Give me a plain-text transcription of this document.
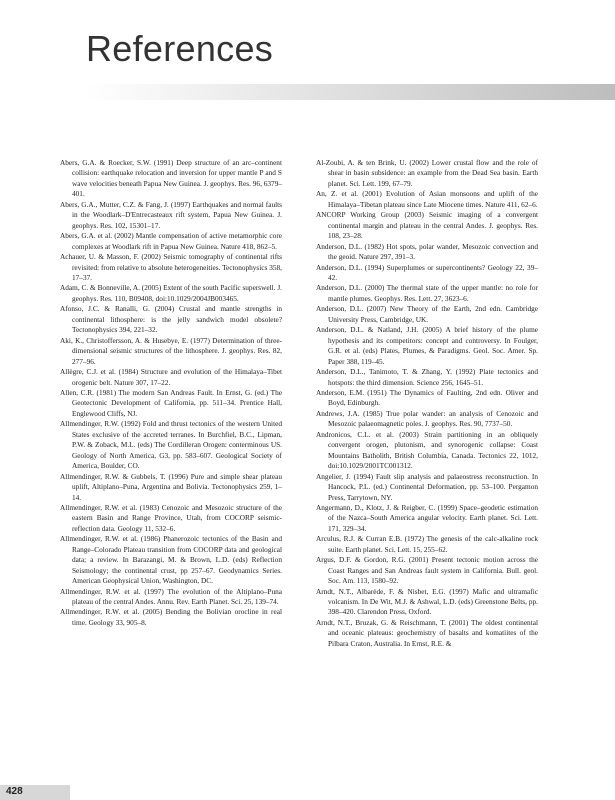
References

Abers, G.A. & Roecker, S.W. (1991) Deep structure of an arc–continent collision: earthquake relocation and inversion for upper mantle P and S wave velocities beneath Papua New Guinea. J. geophys. Res. 96, 6379–401.

Abers, G.A., Mutter, C.Z. & Fang, J. (1997) Earthquakes and normal faults in the Woodlark–D'Entrecasteaux rift system, Papua New Guinea. J. geophys. Res. 102, 15301–17.

Abers, G.A. et al. (2002) Mantle compensation of active metamorphic core complexes at Woodlark rift in Papua New Guinea. Nature 418, 862–5.

Achauer, U. & Masson, F. (2002) Seismic tomography of continental rifts revisited: from relative to absolute heterogeneities. Tectonophysics 358, 17–37.

Adam, C. & Bonneville, A. (2005) Extent of the south Pacific superswell. J. geophys. Res. 110, B09408, doi:10.1029/2004JB003465.

Afonso, J.C. & Ranalli, G. (2004) Crustal and mantle strengths in continental lithosphere: is the jelly sandwich model obsolete? Tectonophysics 394, 221–32.

Aki, K., Christoffersson, A. & Husebye, E. (1977) Determination of three-dimensional seismic structures of the lithosphere. J. geophys. Res. 82, 277–96.

Allègre, C.J. et al. (1984) Structure and evolution of the Himalaya–Tibet orogenic belt. Nature 307, 17–22.

Allen, C.R. (1981) The modern San Andreas Fault. In Ernst, G. (ed.) The Geotectonic Development of California, pp. 511–34. Prentice Hall, Englewood Cliffs, NJ.

Allmendinger, R.W. (1992) Fold and thrust tectonics of the western United States exclusive of the accreted terranes. In Burchfiel, B.C., Lipman, P.W. & Zoback, M.L. (eds) The Cordilleran Orogen: conterminous US. Geology of North America, G3, pp. 583–607. Geological Society of America, Boulder, CO.

Allmendinger, R.W. & Gubbels, T. (1996) Pure and simple shear plateau uplift, Altiplano–Puna, Argentina and Bolivia. Tectonophysics 259, 1–14.

Allmendinger, R.W. et al. (1983) Cenozoic and Mesozoic structure of the eastern Basin and Range Province, Utah, from COCORP seismic-reflection data. Geology 11, 532–6.

Allmendinger, R.W. et al. (1986) Phanerozoic tectonics of the Basin and Range–Colorado Plateau transition from COCORP data and geological data; a review. In Barazangi, M. & Brown, L.D. (eds) Reflection Seismology; the continental crust, pp 257–67. Geodynamics Series. American Geophysical Union, Washington, DC.

Allmendinger, R.W. et al. (1997) The evolution of the Altiplano–Puna plateau of the central Andes. Annu. Rev. Earth Planet. Sci. 25, 139–74.

Allmendinger, R.W. et al. (2005) Bending the Bolivian orocline in real time. Geology 33, 905–8.

Al-Zoubi, A. & ten Brink, U. (2002) Lower crustal flow and the role of shear in basin subsidence: an example from the Dead Sea basin. Earth planet. Sci. Lett. 199, 67–79.

An, Z. et al. (2001) Evolution of Asian monsoons and uplift of the Himalaya–Tibetan plateau since Late Miocene times. Nature 411, 62–6.

ANCORP Working Group (2003) Seismic imaging of a convergent continental margin and plateau in the central Andes. J. geophys. Res. 108, 23–28.

Anderson, D.L. (1982) Hot spots, polar wander, Mesozoic convection and the geoid. Nature 297, 391–3.

Anderson, D.L. (1994) Superplumes or supercontinents? Geology 22, 39–42.

Anderson, D.L. (2000) The thermal state of the upper mantle: no role for mantle plumes. Geophys. Res. Lett. 27, 3623–6.

Anderson, D.L. (2007) New Theory of the Earth, 2nd edn. Cambridge University Press, Cambridge, UK.

Anderson, D.L. & Natland, J.H. (2005) A brief history of the plume hypothesis and its competitors: concept and controversy. In Foulger, G.R. et al. (eds) Plates, Plumes, & Paradigms. Geol. Soc. Amer. Sp. Paper 388, 119–45.

Anderson, D.L., Tanimoto, T. & Zhang, Y. (1992) Plate tectonics and hotspots: the third dimension. Science 256, 1645–51.

Anderson, E.M. (1951) The Dynamics of Faulting, 2nd edn. Oliver and Boyd, Edinburgh.

Andrews, J.A. (1985) True polar wander: an analysis of Cenozoic and Mesozoic palaeomagnetic poles. J. geophys. Res. 90, 7737–50.

Andronicos, C.L. et al. (2003) Strain partitioning in an obliquely convergent orogen, plutonism, and synorogenic collapse: Coast Mountains Batholith, British Columbia, Canada. Tectonics 22, 1012, doi:10.1029/2001TC001312.

Angelier, J. (1994) Fault slip analysis and palaeostress reconstruction. In Hancock, P.L. (ed.) Continental Deformation, pp. 53–100. Pergamon Press, Tarrytown, NY.

Angermann, D., Klotz, J. & Reigber, C. (1999) Space–geodetic estimation of the Nazca–South America angular velocity. Earth planet. Sci. Lett. 171, 329–34.

Arculus, R.J. & Curran E.B. (1972) The genesis of the calc-alkaline rock suite. Earth planet. Sci. Lett. 15, 255–62.

Argus, D.F. & Gordon, R.G. (2001) Present tectonic motion across the Coast Ranges and San Andreas fault system in California. Bull. geol. Soc. Am. 113, 1580–92.

Arndt, N.T., Albarède, F. & Nisbet, E.G. (1997) Mafic and ultramafic volcanism. In De Wit, M.J. & Ashwal, L.D. (eds) Greenstone Belts, pp. 398–420. Clarendon Press, Oxford.

Arndt, N.T., Bruzak, G. & Reischmann, T. (2001) The oldest continental and oceanic plateaus: geochemistry of basalts and komatiites of the Pilbara Craton, Australia. In Ernst, R.E. &

428
